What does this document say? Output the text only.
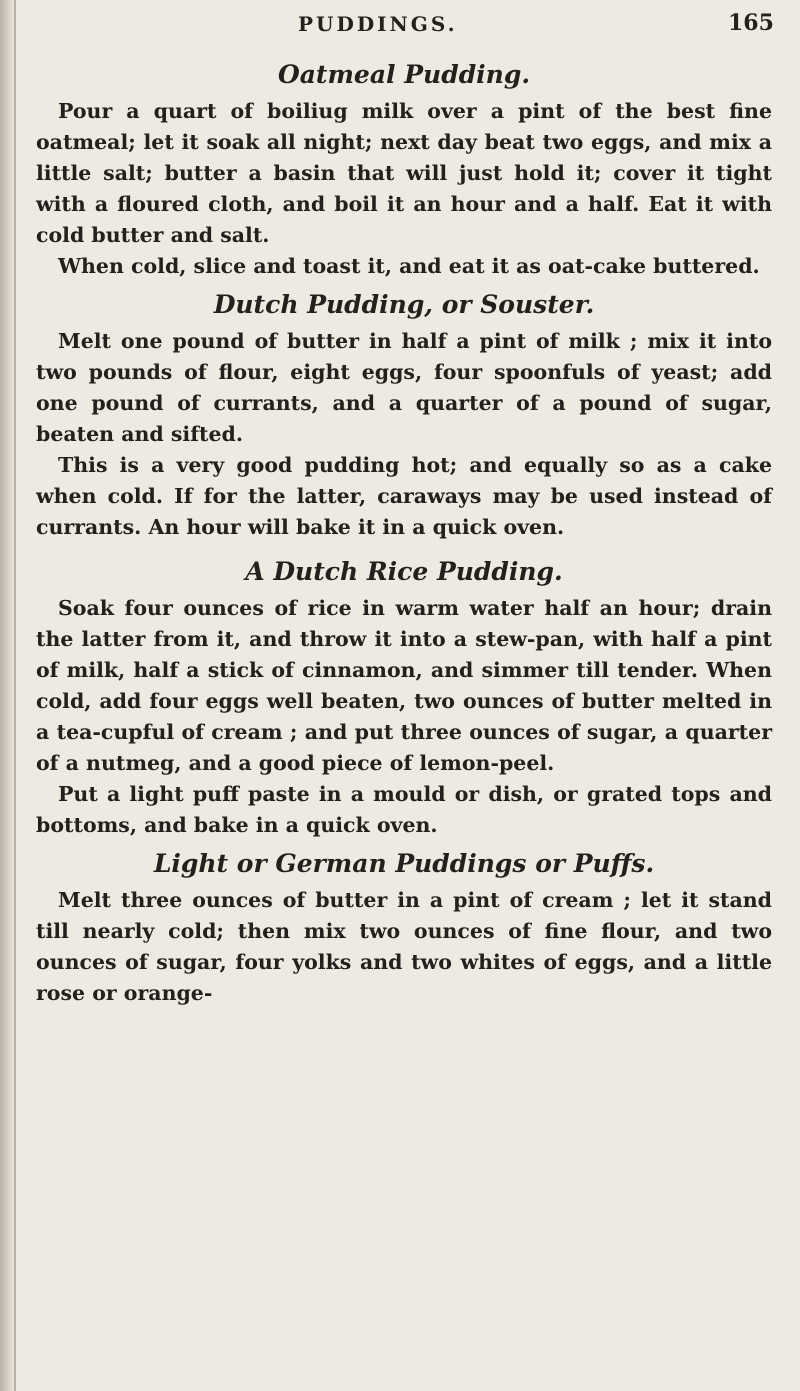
PUDDINGS.	165
Oatmeal Pudding.

Pour a quart of boiliug milk over a pint of the best fine oatmeal; let it soak all night; next day beat two eggs, and mix a little salt; butter a basin that will just hold it; cover it tight with a floured cloth, and boil it an hour and a half. Eat it with cold butter and salt.

When cold, slice and toast it, and eat it as oat-cake buttered.

Dutch Pudding, or Souster.

Melt one pound of butter in half a pint of milk ; mix it into two pounds of flour, eight eggs, four spoonfuls of yeast; add one pound of currants, and a quarter of a pound of sugar, beaten and sifted.

This is a very good pudding hot; and equally so as a cake when cold. If for the latter, caraways may be used instead of currants. An hour will bake it in a quick oven.

A Dutch Rice Pudding.

Soak four ounces of rice in warm water half an hour; drain the latter from it, and throw it into a stew-pan, with half a pint of milk, half a stick of cinnamon, and simmer till tender. When cold, add four eggs well beaten, two ounces of butter melted in a tea-cupful of cream ; and put three ounces of sugar, a quarter of a nutmeg, and a good piece of lemon-peel.

Put a light puff paste in a mould or dish, or grated tops and bottoms, and bake in a quick oven.

Light or German Puddings or Puffs.

Melt three ounces of butter in a pint of cream ; let it stand till nearly cold; then mix two ounces of fine flour, and two ounces of sugar, four yolks and two whites of eggs, and a little rose or orange-
